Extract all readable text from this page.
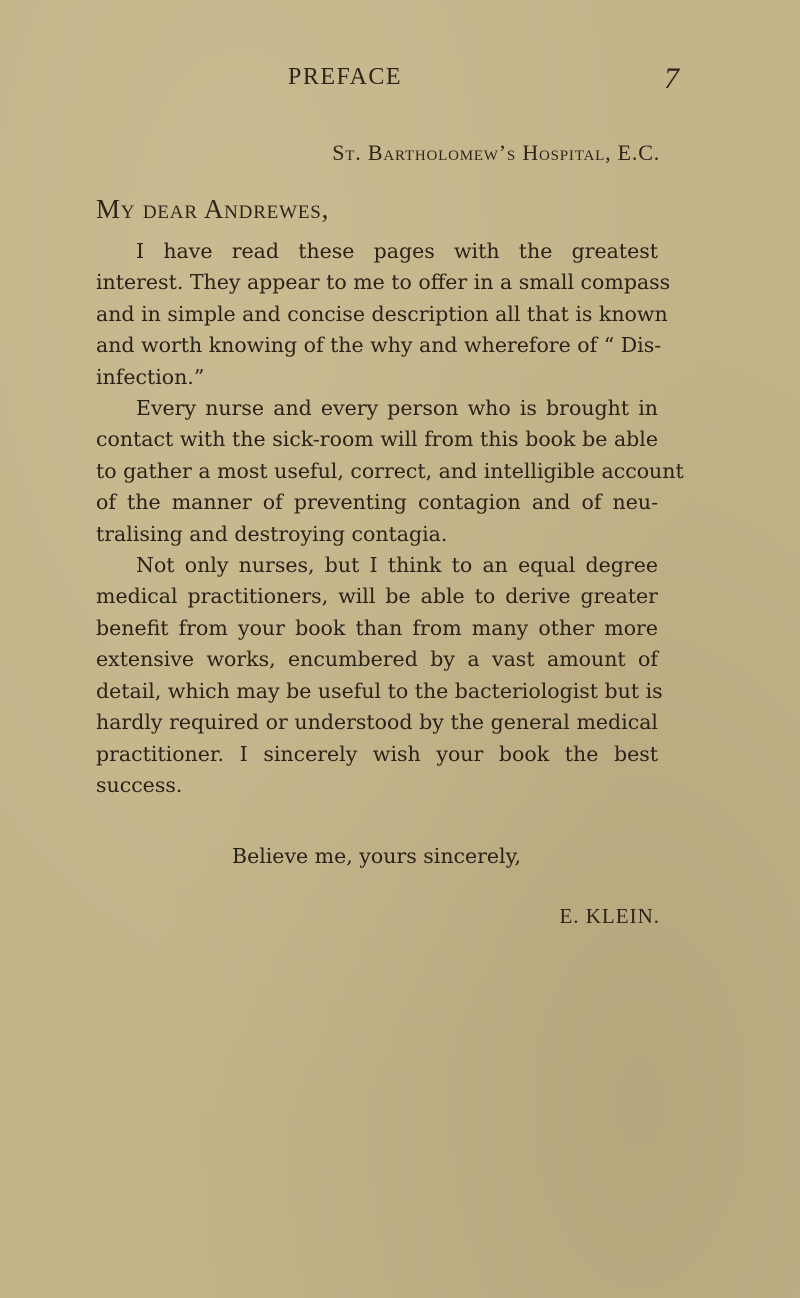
PREFACE	7
St. Bartholomew’s Hospital, E.C.
My dear Andrewes,

I have read these pages with the greatest
interest. They appear to me to offer in a small compass
and in simple and concise description all that is known
and worth knowing of the why and wherefore of “ Dis-
infection.”

Every nurse and every person who is brought in
contact with the sick-room will from this book be able
to gather a most useful, correct, and intelligible account
of the manner of preventing contagion and of neu-
tralising and destroying contagia.

Not only nurses, but I think to an equal degree
medical practitioners, will be able to derive greater
benefit from your book than from many other more
extensive works, encumbered by a vast amount of
detail, which may be useful to the bacteriologist but is
hardly required or understood by the general medical
practitioner. I sincerely wish your book the best
success.

Believe me, yours sincerely,
E. KLEIN.
